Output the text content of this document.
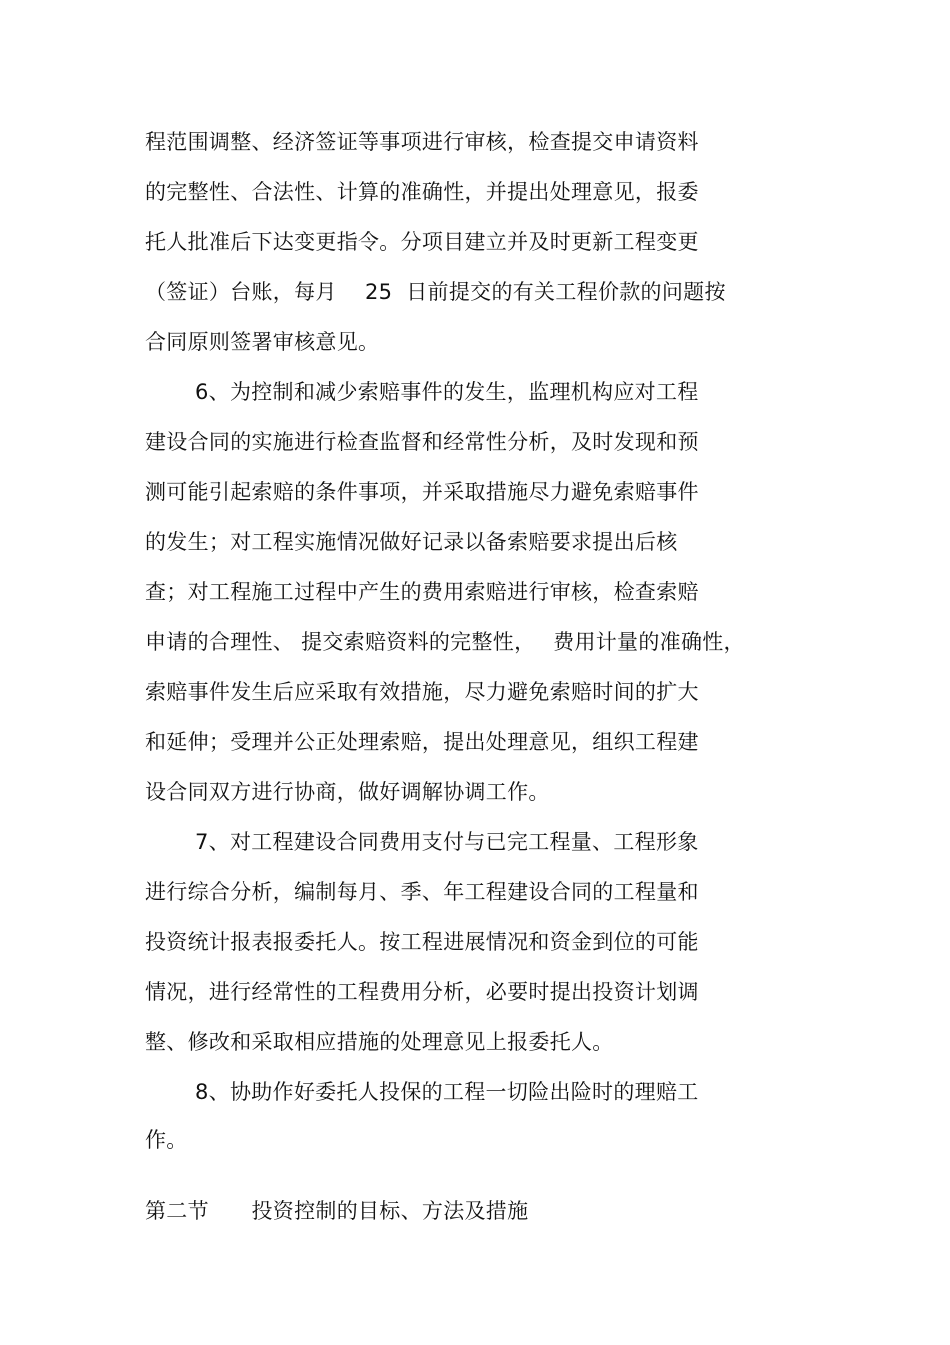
程范围调整、经济签证等事项进行审核，检查提交申请资料
的完整性、合法性、计算的准确性，并提出处理意见，报委
托人批准后下达变更指令。分项目建立并及时更新工程变更
（签证）台账，每月　 25  日前提交的有关工程价款的问题按
合同原则签署审核意见。
6、为控制和减少索赔事件的发生，监理机构应对工程
建设合同的实施进行检查监督和经常性分析，及时发现和预
测可能引起索赔的条件事项，并采取措施尽力避免索赔事件
的发生；对工程实施情况做好记录以备索赔要求提出后核
查；对工程施工过程中产生的费用索赔进行审核，检查索赔
申请的合理性、 提交索赔资料的完整性，　 费用计量的准确性，
索赔事件发生后应采取有效措施，尽力避免索赔时间的扩大
和延伸；受理并公正处理索赔，提出处理意见，组织工程建
设合同双方进行协商，做好调解协调工作。
7、对工程建设合同费用支付与已完工程量、工程形象
进行综合分析，编制每月、季、年工程建设合同的工程量和
投资统计报表报委托人。按工程进展情况和资金到位的可能
情况，进行经常性的工程费用分析，必要时提出投资计划调
整、修改和采取相应措施的处理意见上报委托人。
8、协助作好委托人投保的工程一切险出险时的理赔工
作。
第二节　　投资控制的目标、方法及措施
